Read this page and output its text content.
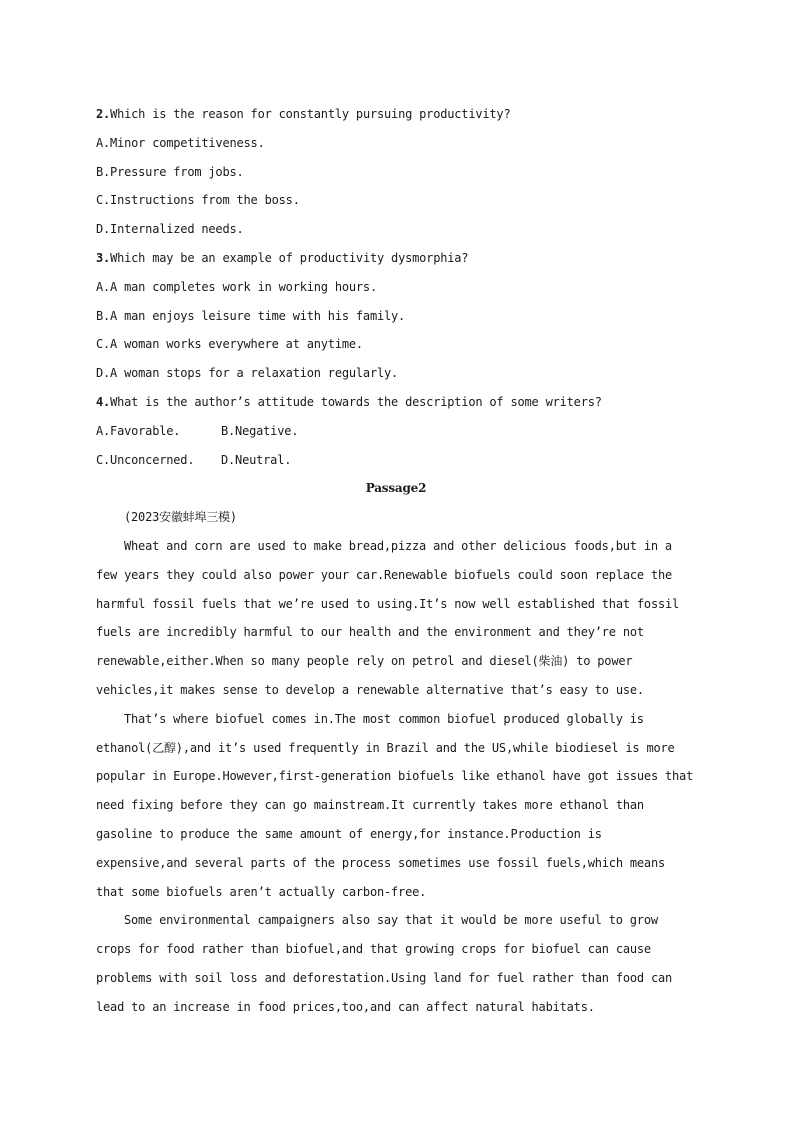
2.Which is the reason for constantly pursuing productivity?
A.Minor competitiveness.
B.Pressure from jobs.
C.Instructions from the boss.
D.Internalized needs.
3.Which may be an example of productivity dysmorphia?
A.A man completes work in working hours.
B.A man enjoys leisure time with his family.
C.A woman works everywhere at anytime.
D.A woman stops for a relaxation regularly.
4.What is the author’s attitude towards the description of some writers?
A.Favorable.	B.Negative.
C.Unconcerned.	D.Neutral.
Passage2
(2023安徽蚌埠三模)
Wheat and corn are used to make bread,pizza and other delicious foods,but in a
few years they could also power your car.Renewable biofuels could soon replace the
harmful fossil fuels that we’re used to using.It’s now well established that fossil
fuels are incredibly harmful to our health and the environment and they’re not
renewable,either.When so many people rely on petrol and diesel(柴油) to power
vehicles,it makes sense to develop a renewable alternative that’s easy to use.
That’s where biofuel comes in.The most common biofuel produced globally is
ethanol(乙醇),and it’s used frequently in Brazil and the US,while biodiesel is more
popular in Europe.However,first-generation biofuels like ethanol have got issues that
need fixing before they can go mainstream.It currently takes more ethanol than
gasoline to produce the same amount of energy,for instance.Production is
expensive,and several parts of the process sometimes use fossil fuels,which means
that some biofuels aren’t actually carbon-free.
Some environmental campaigners also say that it would be more useful to grow
crops for food rather than biofuel,and that growing crops for biofuel can cause
problems with soil loss and deforestation.Using land for fuel rather than food can
lead to an increase in food prices,too,and can affect natural habitats.
